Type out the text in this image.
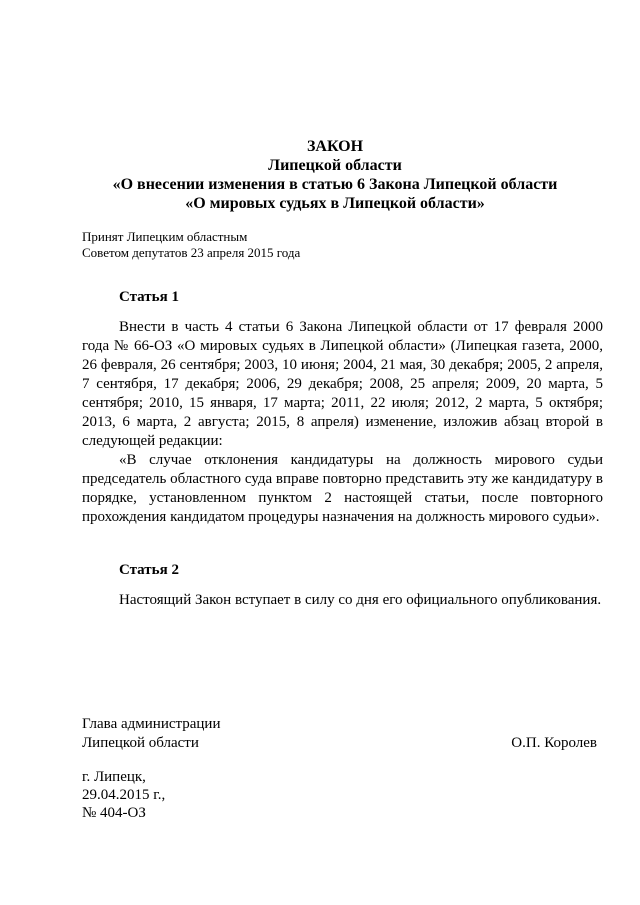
ЗАКОН
Липецкой области
«О внесении изменения в статью 6 Закона Липецкой области
«О мировых судьях в Липецкой области»
Принят Липецким областным
Советом депутатов 23 апреля 2015 года
Статья 1

Внести в часть 4 статьи 6 Закона Липецкой области от 17 февраля 2000 года № 66-ОЗ «О мировых судьях в Липецкой области» (Липецкая газета, 2000, 26 февраля, 26 сентября; 2003, 10 июня; 2004, 21 мая, 30 декабря; 2005, 2 апреля, 7 сентября, 17 декабря; 2006, 29 декабря; 2008, 25 апреля; 2009, 20 марта, 5 сентября; 2010, 15 января, 17 марта; 2011, 22 июля; 2012, 2 марта, 5 октября; 2013, 6 марта, 2 августа; 2015, 8 апреля) изменение, изложив абзац второй в следующей редакции:

«В случае отклонения кандидатуры на должность мирового судьи председатель областного суда вправе повторно представить эту же кандидатуру в порядке, установленном пунктом 2 настоящей статьи, после повторного прохождения кандидатом процедуры назначения на должность мирового судьи».

Статья 2

Настоящий Закон вступает в силу со дня его официального опубликования.

Глава администрации
Липецкой области	О.П. Королев
г. Липецк,
29.04.2015 г.,
№ 404-ОЗ
